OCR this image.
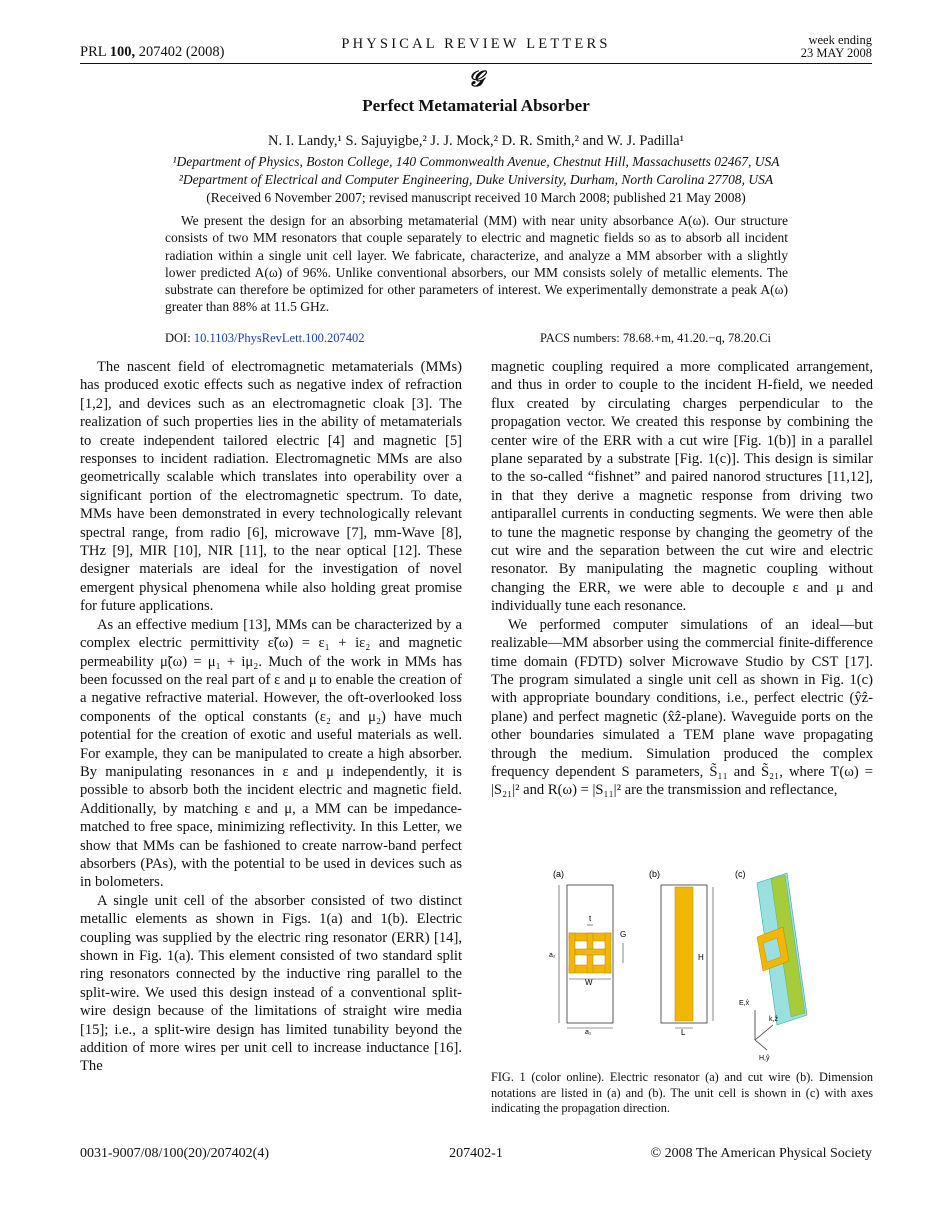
PRL 100, 207402 (2008)	PHYSICAL REVIEW LETTERS	week ending
23 MAY 2008
𝒢
Perfect Metamaterial Absorber
N. I. Landy,¹ S. Sajuyigbe,² J. J. Mock,² D. R. Smith,² and W. J. Padilla¹
¹Department of Physics, Boston College, 140 Commonwealth Avenue, Chestnut Hill, Massachusetts 02467, USA
²Department of Electrical and Computer Engineering, Duke University, Durham, North Carolina 27708, USA
(Received 6 November 2007; revised manuscript received 10 March 2008; published 21 May 2008)
We present the design for an absorbing metamaterial (MM) with near unity absorbance A(ω). Our structure consists of two MM resonators that couple separately to electric and magnetic fields so as to absorb all incident radiation within a single unit cell layer. We fabricate, characterize, and analyze a MM absorber with a slightly lower predicted A(ω) of 96%. Unlike conventional absorbers, our MM consists solely of metallic elements. The substrate can therefore be optimized for other parameters of interest. We experimentally demonstrate a peak A(ω) greater than 88% at 11.5 GHz.
DOI: 10.1103/PhysRevLett.100.207402	PACS numbers: 78.68.+m, 41.20.−q, 78.20.Ci

The nascent field of electromagnetic metamaterials (MMs) has produced exotic effects such as negative index of refraction [1,2], and devices such as an electromagnetic cloak [3]. The realization of such properties lies in the ability of metamaterials to create independent tailored electric [4] and magnetic [5] responses to incident radiation. Electromagnetic MMs are also geometrically scalable which translates into operability over a significant portion of the electromagnetic spectrum. To date, MMs have been demonstrated in every technologically relevant spectral range, from radio [6], microwave [7], mm-Wave [8], THz [9], MIR [10], NIR [11], to the near optical [12]. These designer materials are ideal for the investigation of novel emergent physical phenomena while also holding great promise for future applications.

As an effective medium [13], MMs can be characterized by a complex electric permittivity ε̃(ω) = ε₁ + iε₂ and magnetic permeability μ̃(ω) = μ₁ + iμ₂. Much of the work in MMs has been focussed on the real part of ε and μ to enable the creation of a negative refractive material. However, the oft-overlooked loss components of the optical constants (ε₂ and μ₂) have much potential for the creation of exotic and useful materials as well. For example, they can be manipulated to create a high absorber. By manipulating resonances in ε and μ independently, it is possible to absorb both the incident electric and magnetic field. Additionally, by matching ε and μ, a MM can be impedance-matched to free space, minimizing reflectivity. In this Letter, we show that MMs can be fashioned to create narrow-band perfect absorbers (PAs), with the potential to be used in devices such as in bolometers.

A single unit cell of the absorber consisted of two distinct metallic elements as shown in Figs. 1(a) and 1(b). Electric coupling was supplied by the electric ring resonator (ERR) [14], shown in Fig. 1(a). This element consisted of two standard split ring resonators connected by the inductive ring parallel to the split-wire. We used this design instead of a conventional split-wire design because of the limitations of straight wire media [15]; i.e., a split-wire design has limited tunability beyond the addition of more wires per unit cell to increase inductance [16]. The

magnetic coupling required a more complicated arrangement, and thus in order to couple to the incident H-field, we needed flux created by circulating charges perpendicular to the propagation vector. We created this response by combining the center wire of the ERR with a cut wire [Fig. 1(b)] in a parallel plane separated by a substrate [Fig. 1(c)]. This design is similar to the so-called “fishnet” and paired nanorod structures [11,12], in that they derive a magnetic response from driving two antiparallel currents in conducting segments. We were then able to tune the magnetic response by changing the geometry of the cut wire and the separation between the cut wire and electric resonator. By manipulating the magnetic coupling without changing the ERR, we were able to decouple ε and μ and individually tune each resonance.

We performed computer simulations of an ideal—but realizable—MM absorber using the commercial finite-difference time domain (FDTD) solver Microwave Studio by CST [17]. The program simulated a single unit cell as shown in Fig. 1(c) with appropriate boundary conditions, i.e., perfect electric (ŷẑ-plane) and perfect magnetic (x̂ẑ-plane). Waveguide ports on the other boundaries simulated a TEM plane wave propagating through the medium. Simulation produced the complex frequency dependent S parameters, S̃₁₁ and S̃₂₁, where T(ω) = |S₂₁|² and R(ω) = |S₁₁|² are the transmission and reflectance,

(a)
t
G
a₂
W
a₁
(b)
H
L
(c)
E,x̂
k,ẑ
H,ŷ
FIG. 1 (color online). Electric resonator (a) and cut wire (b). Dimension notations are listed in (a) and (b). The unit cell is shown in (c) with axes indicating the propagation direction.
0031-9007/08/100(20)/207402(4)	207402-1	© 2008 The American Physical Society
